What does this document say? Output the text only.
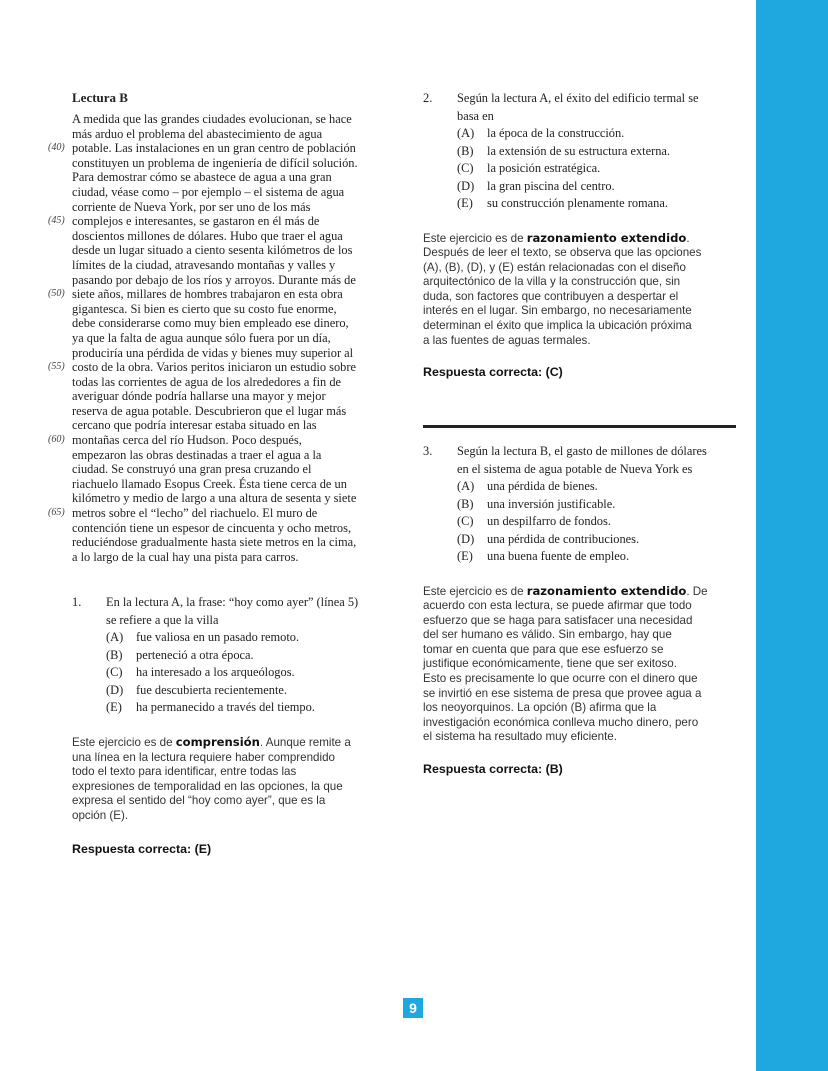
Lectura B
A medida que las grandes ciudades evolucionan, se hace
más arduo el problema del abastecimiento de agua
(40) potable. Las instalaciones en un gran centro de población
constituyen un problema de ingeniería de difícil solución.
Para demostrar cómo se abastece de agua a una gran
ciudad, véase como – por ejemplo – el sistema de agua
corriente de Nueva York, por ser uno de los más
(45) complejos e interesantes, se gastaron en él más de
doscientos millones de dólares. Hubo que traer el agua
desde un lugar situado a ciento sesenta kilómetros de los
límites de la ciudad, atravesando montañas y valles y
pasando por debajo de los ríos y arroyos. Durante más de
(50) siete años, millares de hombres trabajaron en esta obra
gigantesca. Si bien es cierto que su costo fue enorme,
debe considerarse como muy bien empleado ese dinero,
ya que la falta de agua aunque sólo fuera por un día,
produciría una pérdida de vidas y bienes muy superior al
(55) costo de la obra. Varios peritos iniciaron un estudio sobre
todas las corrientes de agua de los alrededores a fin de
averiguar dónde podría hallarse una mayor y mejor
reserva de agua potable. Descubrieron que el lugar más
cercano que podría interesar estaba situado en las
(60) montañas cerca del río Hudson. Poco después,
empezaron las obras destinadas a traer el agua a la
ciudad. Se construyó una gran presa cruzando el
riachuelo llamado Esopus Creek. Ésta tiene cerca de un
kilómetro y medio de largo a una altura de sesenta y siete
(65) metros sobre el “lecho” del riachuelo. El muro de
contención tiene un espesor de cincuenta y ocho metros,
reduciéndose gradualmente hasta siete metros en la cima,
a lo largo de la cual hay una pista para carros.
1. En la lectura A, la frase: “hoy como ayer” (línea 5)
se refiere a que la villa
(A)	fue valiosa en un pasado remoto.
(B)	perteneció a otra época.
(C)	ha interesado a los arqueólogos.
(D)	fue descubierta recientemente.
(E)	ha permanecido a través del tiempo.
Este ejercicio es de comprensión. Aunque remite a
una línea en la lectura requiere haber comprendido
todo el texto para identificar, entre todas las
expresiones de temporalidad en las opciones, la que
expresa el sentido del “hoy como ayer”, que es la
opción (E).
Respuesta correcta: (E)
2. Según la lectura A, el éxito del edificio termal se
basa en
(A)	la época de la construcción.
(B)	la extensión de su estructura externa.
(C)	la posición estratégica.
(D)	la gran piscina del centro.
(E)	su construcción plenamente romana.
Este ejercicio es de razonamiento extendido.
Después de leer el texto, se observa que las opciones
(A), (B), (D), y (E) están relacionadas con el diseño
arquitectónico de la villa y la construcción que, sin
duda, son factores que contribuyen a despertar el
interés en el lugar. Sin embargo, no necesariamente
determinan el éxito que implica la ubicación próxima
a las fuentes de aguas termales.
Respuesta correcta: (C)
3. Según la lectura B, el gasto de millones de dólares
en el sistema de agua potable de Nueva York es
(A)	una pérdida de bienes.
(B)	una inversión justificable.
(C)	un despilfarro de fondos.
(D)	una pérdida de contribuciones.
(E)	una buena fuente de empleo.
Este ejercicio es de razonamiento extendido. De
acuerdo con esta lectura, se puede afirmar que todo
esfuerzo que se haga para satisfacer una necesidad
del ser humano es válido. Sin embargo, hay que
tomar en cuenta que para que ese esfuerzo se
justifique económicamente, tiene que ser exitoso.
Esto es precisamente lo que ocurre con el dinero que
se invirtió en ese sistema de presa que provee agua a
los neoyorquinos. La opción (B) afirma que la
investigación económica conlleva mucho dinero, pero
el sistema ha resultado muy eficiente.
Respuesta correcta: (B)
9
